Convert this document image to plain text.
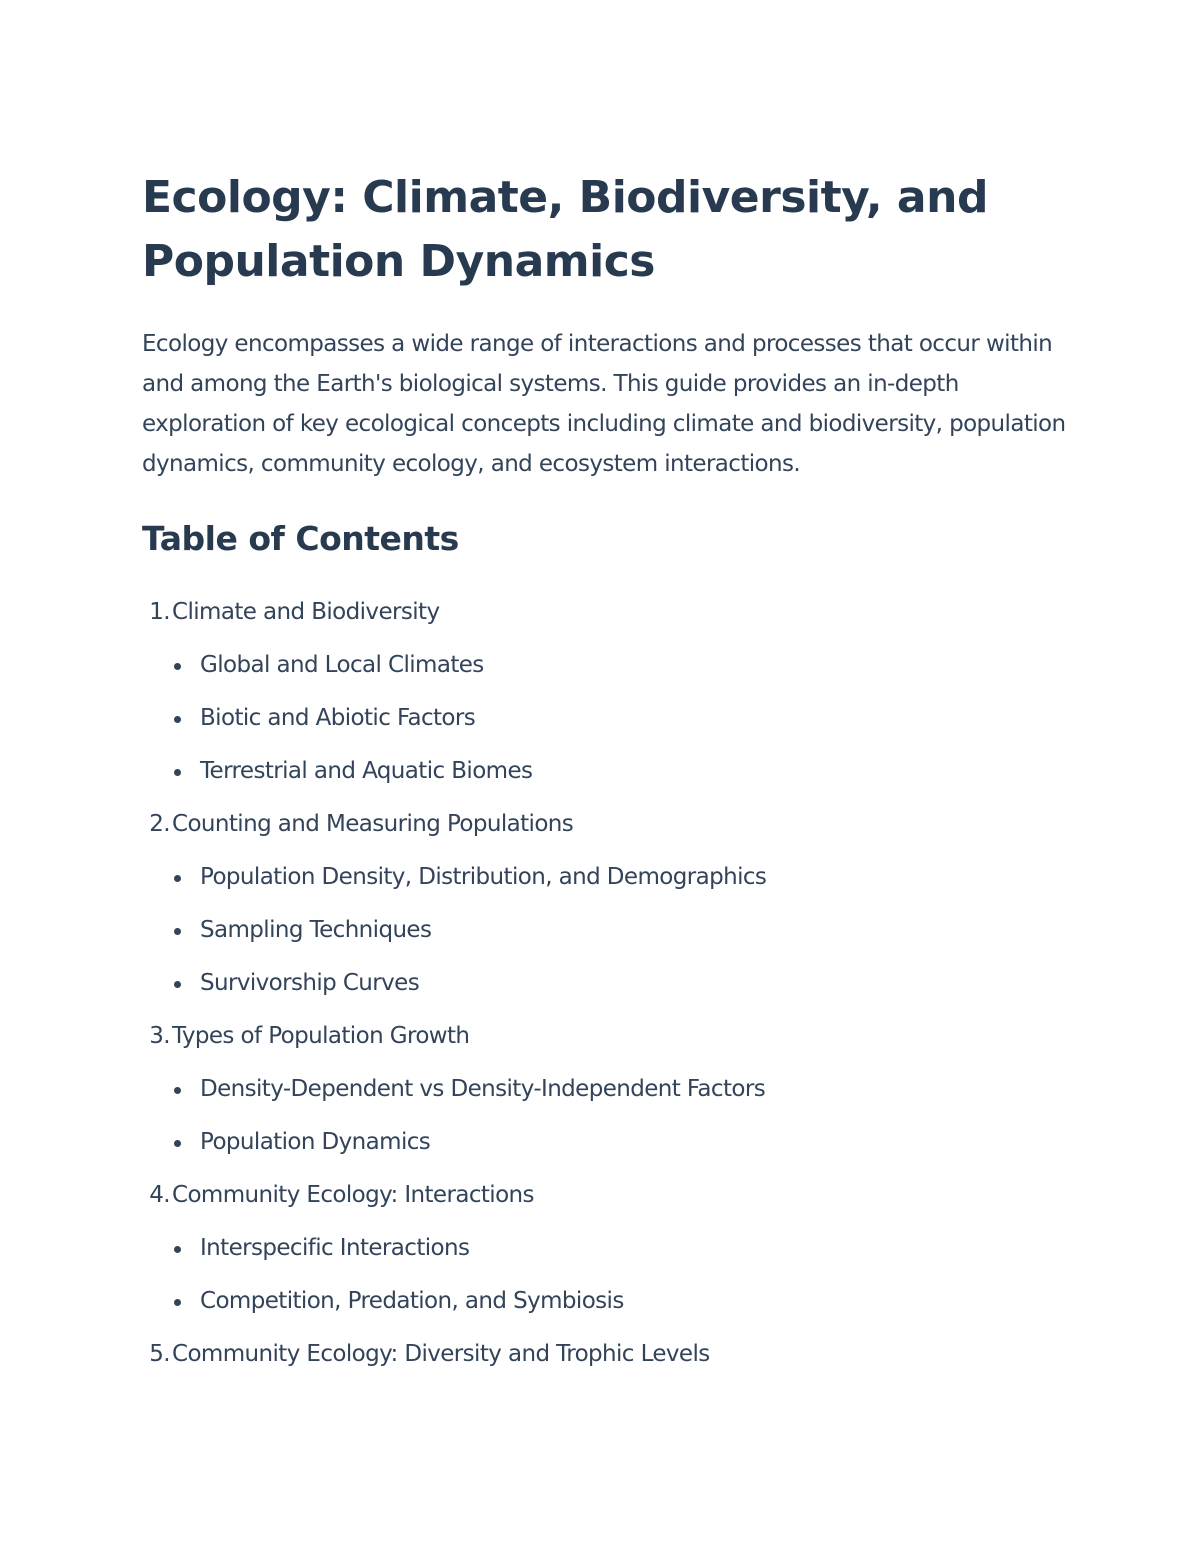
Ecology: Climate, Biodiversity, and Population Dynamics

Ecology encompasses a wide range of interactions and processes that occur within and among the Earth's biological systems. This guide provides an in-depth exploration of key ecological concepts including climate and biodiversity, population dynamics, community ecology, and ecosystem interactions.

Table of Contents
1. Climate and Biodiversity
Global and Local Climates
Biotic and Abiotic Factors
Terrestrial and Aquatic Biomes
2. Counting and Measuring Populations
Population Density, Distribution, and Demographics
Sampling Techniques
Survivorship Curves
3. Types of Population Growth
Density-Dependent vs Density-Independent Factors
Population Dynamics
4. Community Ecology: Interactions
Interspecific Interactions
Competition, Predation, and Symbiosis
5. Community Ecology: Diversity and Trophic Levels
